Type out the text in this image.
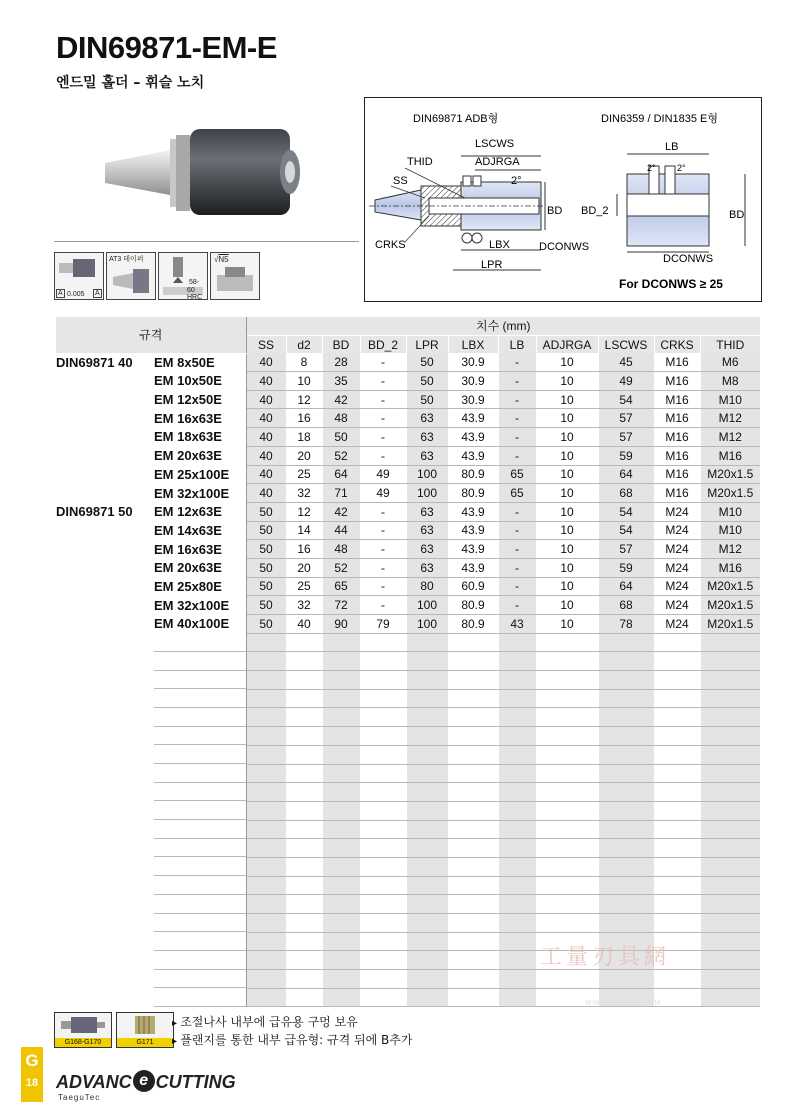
DIN69871-EM-E
엔드밀 홀더 – 휘슬 노치
A 0.005 A
AT3 테이퍼
58-
60 HRC
√N5
DIN69871 ADB형	DIN6359 / DIN1835 E형
LSCWS
ADJRGA
THID
SS	2°
BD
CRKS	LBX	DCONWS
LPR
LB
2° 2°
BD_2	BD
DCONWS
For DCONWS ≥ 25
규격	치수 (mm)										
	SS	d2	BD	BD_2	LPR	LBX	LB	ADJRGA	LSCWS	CRKS	THID
DIN69871 40 EM 8x50E	40	8	28	-	50	30.9	-	10	45	M16	M6
EM 10x50E	40	10	35	-	50	30.9	-	10	49	M16	M8
EM 12x50E	40	12	42	-	50	30.9	-	10	54	M16	M10
EM 16x63E	40	16	48	-	63	43.9	-	10	57	M16	M12
EM 18x63E	40	18	50	-	63	43.9	-	10	57	M16	M12
EM 20x63E	40	20	52	-	63	43.9	-	10	59	M16	M16
EM 25x100E	40	25	64	49	100	80.9	65	10	64	M16	M20x1.5
EM 32x100E	40	32	71	49	100	80.9	65	10	68	M16	M20x1.5
DIN69871 50 EM 12x63E	50	12	42	-	63	43.9	-	10	54	M24	M10
EM 14x63E	50	14	44	-	63	43.9	-	10	54	M24	M10
EM 16x63E	50	16	48	-	63	43.9	-	10	57	M24	M12
EM 20x63E	50	20	52	-	63	43.9	-	10	59	M24	M16
EM 25x80E	50	25	65	-	80	60.9	-	10	64	M24	M20x1.5
EM 32x100E	50	32	72	-	100	80.9	-	10	68	M24	M20x1.5
EM 40x100E	50	40	90	79	100	80.9	43	10	78	M24	M20x1.5

G168-G170	G171
▸ 조절나사 내부에 급유용 구멍 보유
▸ 플랜지를 통한 내부 급유형: 규격 뒤에 B추가
工量刃具網
WWW.GJRJW.COM
G
18 ADVANC e CUTTING
TaeguTec
